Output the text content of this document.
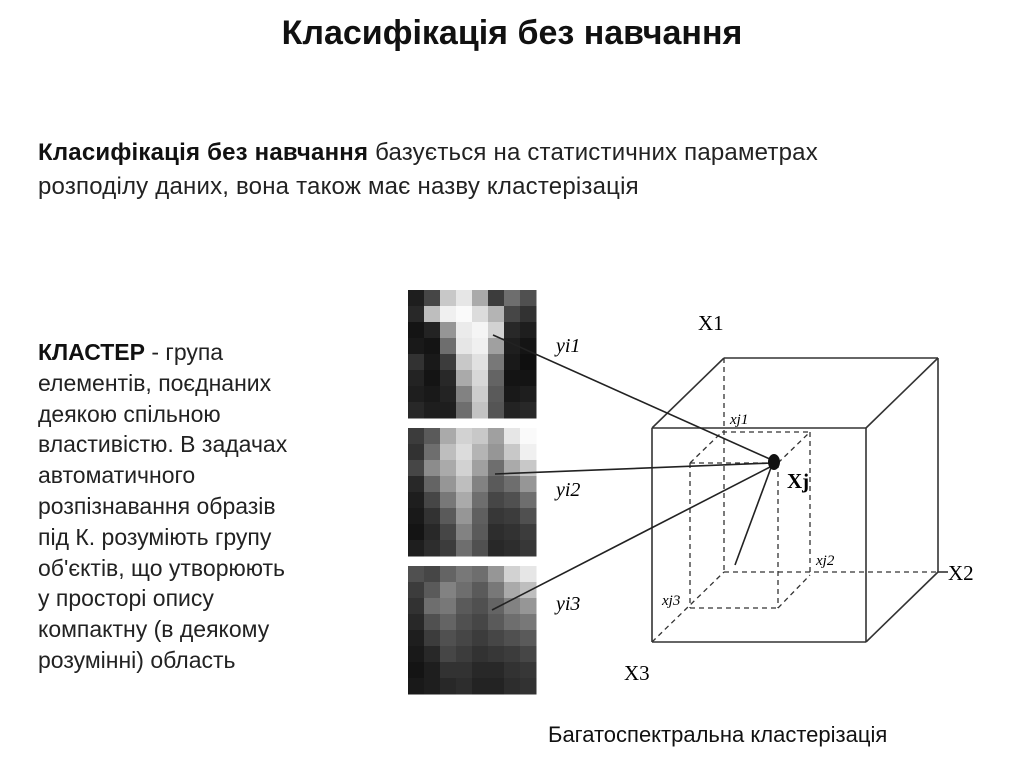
Класифікація без навчання
Класифікація без навчання базується на статистичних параметрах
розподілу даних, вона також має назву кластерізація
КЛАСТЕР - група
елементів, поєднаних
деякою спільною
властивістю. В задачах
автоматичного
розпізнавання образів
під К. розуміють групу
об'єктів, що утворюють
у просторі опису
компактну (в деякому
розумінні) область
yi1
yi2
yi3
X1
X2
X3
Xj
xj1
xj2
xj3
Багатоспектральна кластерізація
